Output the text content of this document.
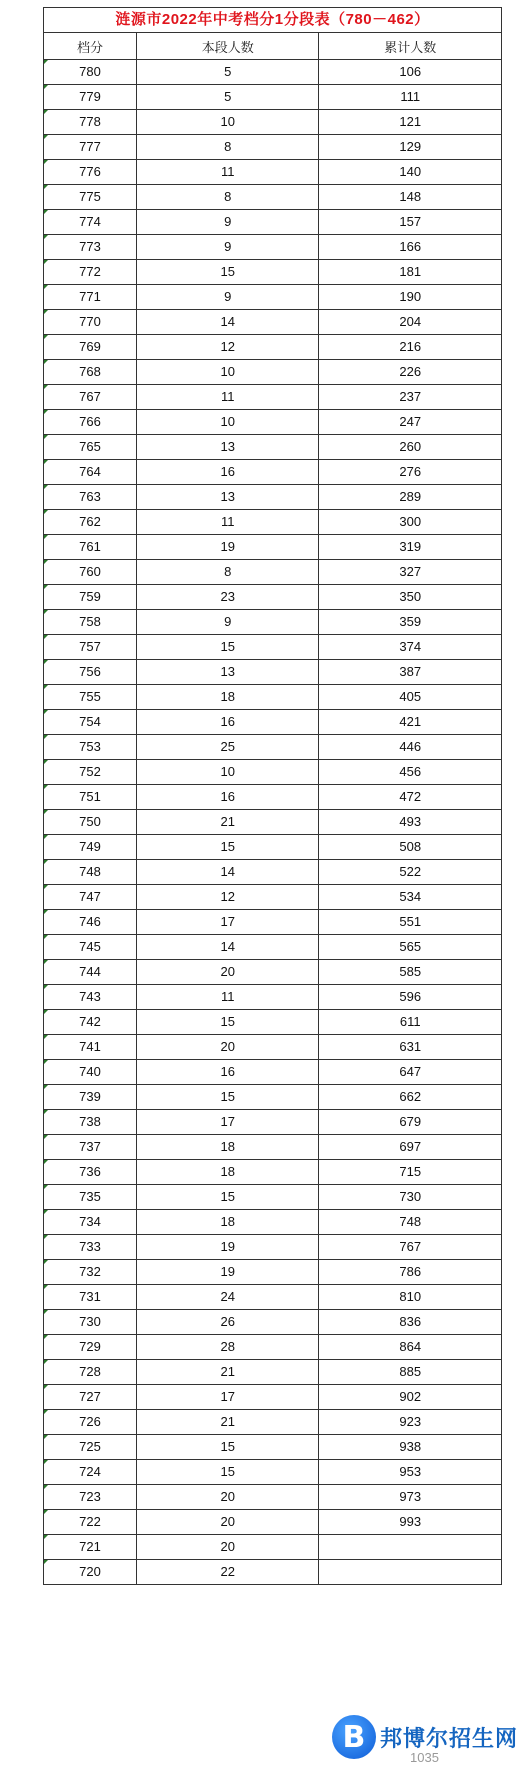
涟源市2022年中考档分1分段表（780－462）		
档分	本段人数	累计人数
780	5	106
779	5	111
778	10	121
777	8	129
776	11	140
775	8	148
774	9	157
773	9	166
772	15	181
771	9	190
770	14	204
769	12	216
768	10	226
767	11	237
766	10	247
765	13	260
764	16	276
763	13	289
762	11	300
761	19	319
760	8	327
759	23	350
758	9	359
757	15	374
756	13	387
755	18	405
754	16	421
753	25	446
752	10	456
751	16	472
750	21	493
749	15	508
748	14	522
747	12	534
746	17	551
745	14	565
744	20	585
743	11	596
742	15	611
741	20	631
740	16	647
739	15	662
738	17	679
737	18	697
736	18	715
735	15	730
734	18	748
733	19	767
732	19	786
731	24	810
730	26	836
729	28	864
728	21	885
727	17	902
726	21	923
725	15	938
724	15	953
723	20	973
722	20	993
721	20	
720	22	
1035
B 邦博尔招生网
